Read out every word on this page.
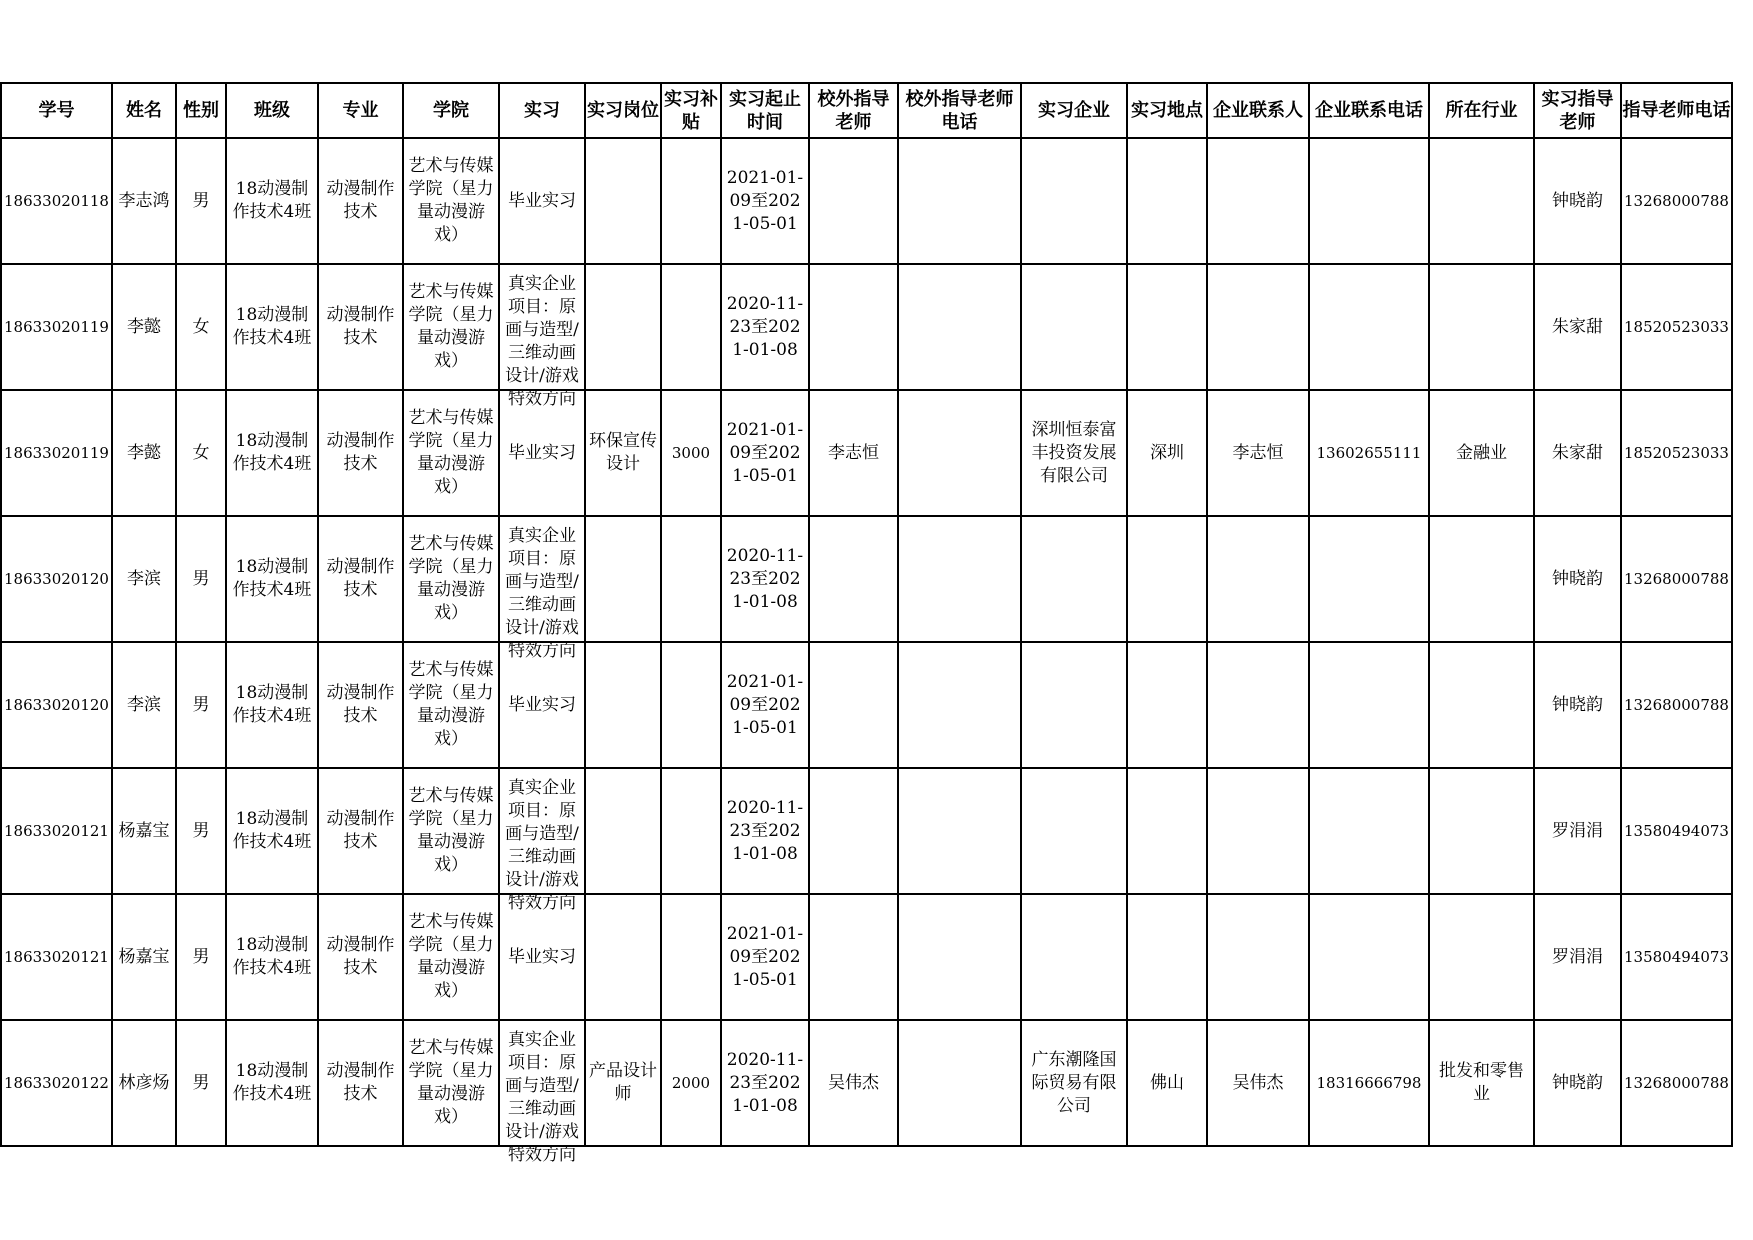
学号	姓名	性别	班级	专业	学院	实习	实习岗位	实习补贴	实习起止时间	校外指导老师	校外指导老师电话	实习企业	实习地点	企业联系人	企业联系电话	所在行业	实习指导老师	指导老师电话

18633020118	李志鸿	男	18动漫制作技术4班	动漫制作技术	艺术与传媒学院（星力量动漫游戏）	毕业实习			2021-01-09至2021-05-01								钟晓韵	13268000788

18633020119	李懿	女	18动漫制作技术4班	动漫制作技术	艺术与传媒学院（星力量动漫游戏）	真实企业项目：原画与造型/三维动画设计/游戏特效方向			2020-11-23至2021-01-08								朱家甜	18520523033

18633020119	李懿	女	18动漫制作技术4班	动漫制作技术	艺术与传媒学院（星力量动漫游戏）	毕业实习	环保宣传设计	3000	2021-01-09至2021-05-01	李志恒		深圳恒泰富丰投资发展有限公司	深圳	李志恒	13602655111	金融业	朱家甜	18520523033

18633020120	李滨	男	18动漫制作技术4班	动漫制作技术	艺术与传媒学院（星力量动漫游戏）	真实企业项目：原画与造型/三维动画设计/游戏特效方向			2020-11-23至2021-01-08								钟晓韵	13268000788

18633020120	李滨	男	18动漫制作技术4班	动漫制作技术	艺术与传媒学院（星力量动漫游戏）	毕业实习			2021-01-09至2021-05-01								钟晓韵	13268000788

18633020121	杨嘉宝	男	18动漫制作技术4班	动漫制作技术	艺术与传媒学院（星力量动漫游戏）	真实企业项目：原画与造型/三维动画设计/游戏特效方向			2020-11-23至2021-01-08								罗涓涓	13580494073

18633020121	杨嘉宝	男	18动漫制作技术4班	动漫制作技术	艺术与传媒学院（星力量动漫游戏）	毕业实习			2021-01-09至2021-05-01								罗涓涓	13580494073

18633020122	林彦炀	男	18动漫制作技术4班	动漫制作技术	艺术与传媒学院（星力量动漫游戏）	真实企业项目：原画与造型/三维动画设计/游戏特效方向	产品设计师	2000	2020-11-23至2021-01-08	吴伟杰		广东潮隆国际贸易有限公司	佛山	吴伟杰	18316666798	批发和零售业	钟晓韵	13268000788
